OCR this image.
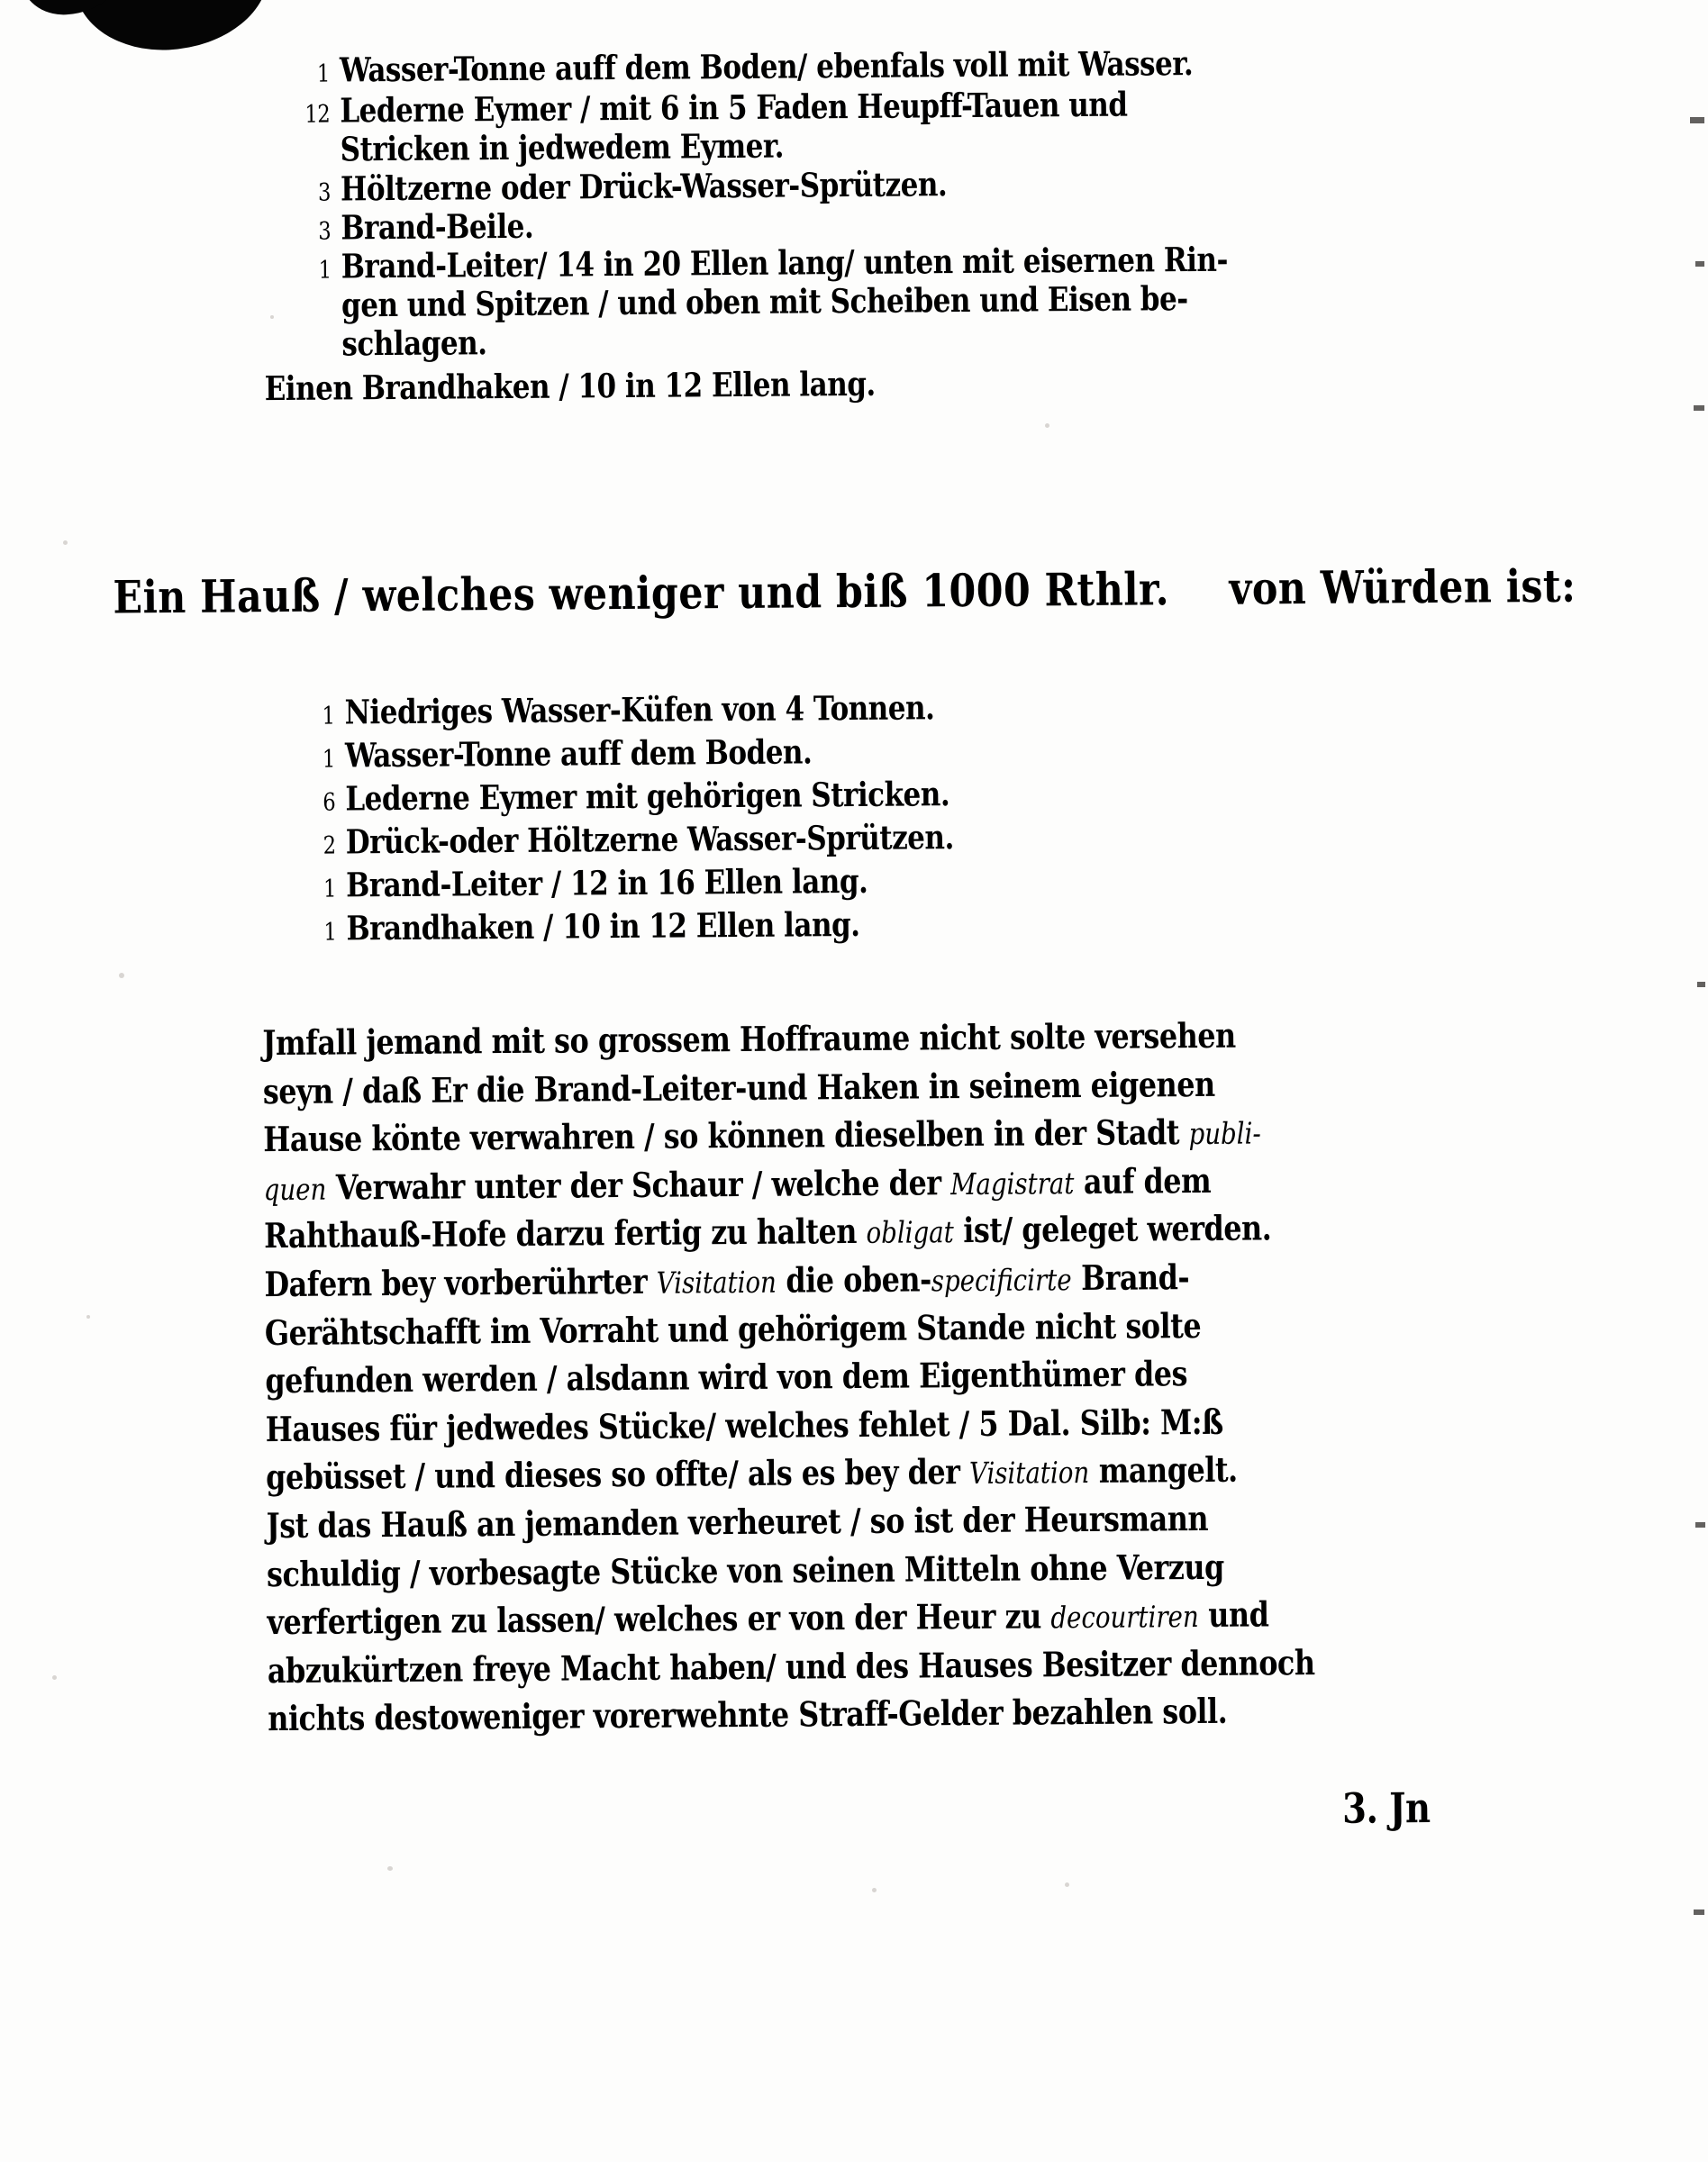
1 Wasser-Tonne auff dem Boden/ ebenfals voll mit Wasser.
12 Lederne Eymer / mit 6 in 5 Faden Heupff-Tauen und
Stricken in jedwedem Eymer.
3 Höltzerne oder Drück-Wasser-Sprützen.
3 Brand-Beile.
1 Brand-Leiter/ 14 in 20 Ellen lang/ unten mit eisernen Rin-
gen und Spitzen / und oben mit Scheiben und Eisen be-
schlagen.
Einen Brandhaken / 10 in 12 Ellen lang.
Ein Hauß / welches weniger und biß 1000 Rthlr. von Würden ist:
1 Niedriges Wasser-Küfen von 4 Tonnen.
1 Wasser-Tonne auff dem Boden.
6 Lederne Eymer mit gehörigen Stricken.
2 Drück-oder Höltzerne Wasser-Sprützen.
1 Brand-Leiter / 12 in 16 Ellen lang.
1 Brandhaken / 10 in 12 Ellen lang.
Jmfall jemand mit so grossem Hoffraume nicht solte versehen
seyn / daß Er die Brand-Leiter-und Haken in seinem eigenen
Hause könte verwahren / so können dieselben in der Stadt publi-
quen Verwahr unter der Schaur / welche der Magistrat auf dem
Rahthauß-Hofe darzu fertig zu halten obligat ist/ geleget werden.
Dafern bey vorberührter Visitation die oben-specificirte Brand-
Gerähtschafft im Vorraht und gehörigem Stande nicht solte
gefunden werden / alsdann wird von dem Eigenthümer des
Hauses für jedwedes Stücke/ welches fehlet / 5 Dal. Silb: M:ß
gebüsset / und dieses so offte/ als es bey der Visitation mangelt.
Jst das Hauß an jemanden verheuret / so ist der Heursmann
schuldig / vorbesagte Stücke von seinen Mitteln ohne Verzug
verfertigen zu lassen/ welches er von der Heur zu decourtiren und
abzukürtzen freye Macht haben/ und des Hauses Besitzer dennoch
nichts destoweniger vorerwehnte Straff-Gelder bezahlen soll.
3. Jn
